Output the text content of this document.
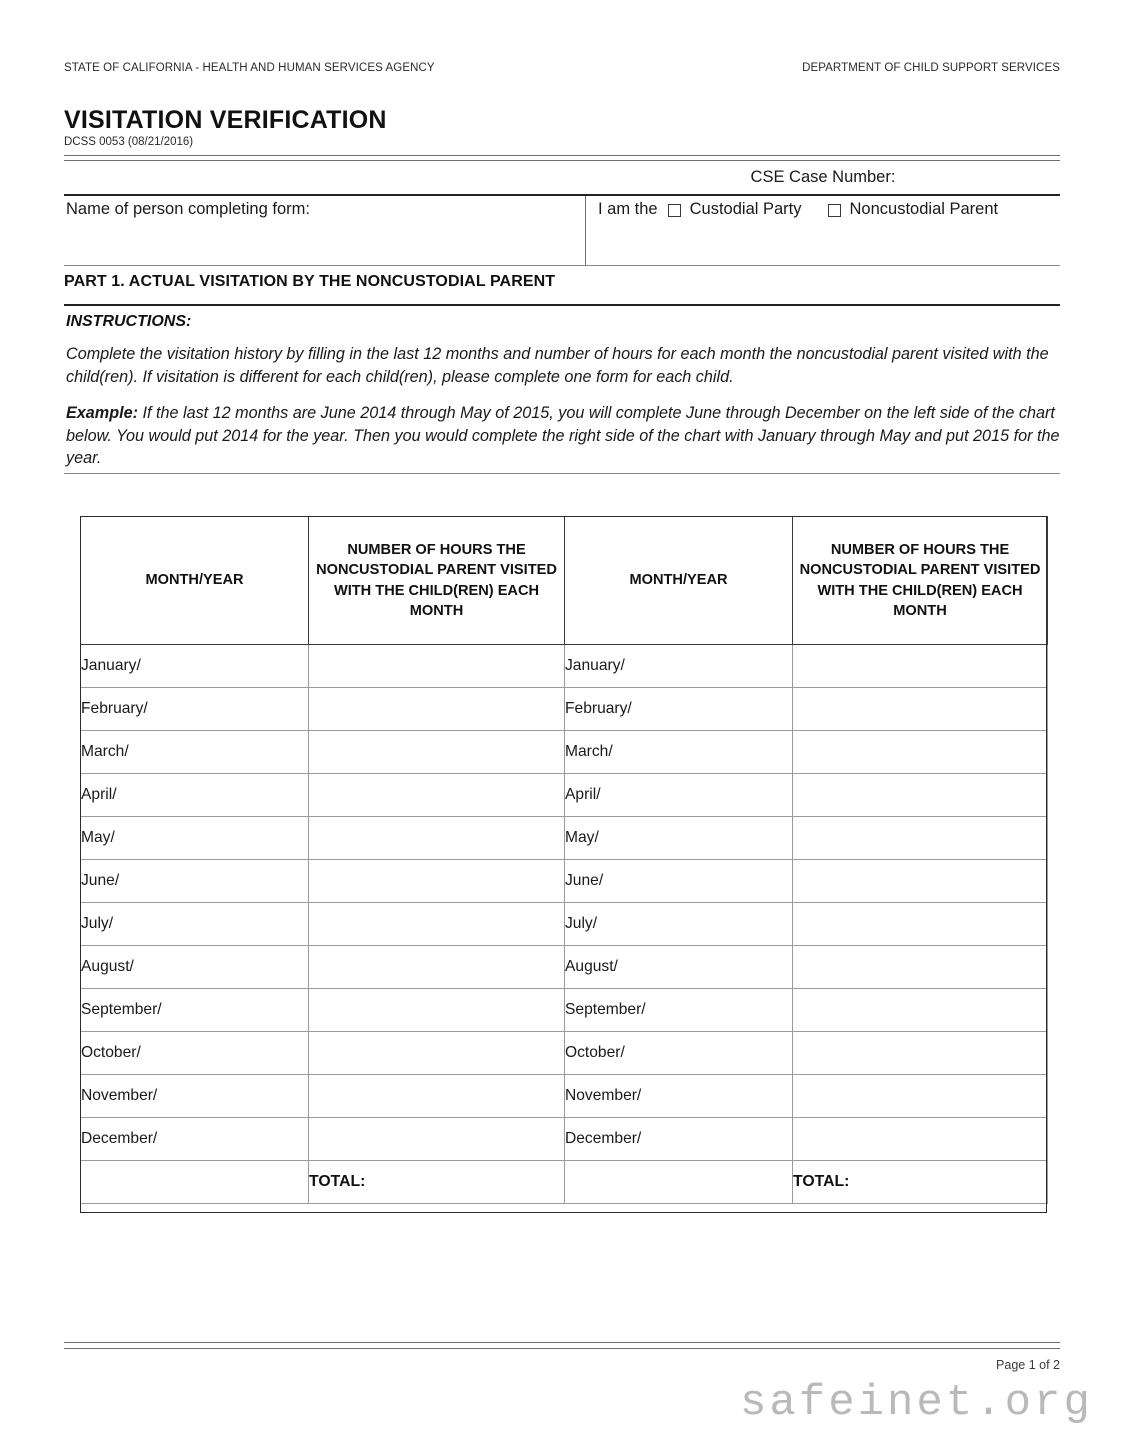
STATE OF CALIFORNIA - HEALTH AND HUMAN SERVICES AGENCY	DEPARTMENT OF CHILD SUPPORT SERVICES
VISITATION VERIFICATION
DCSS 0053 (08/21/2016)
CSE Case Number:
Name of person completing form:	I am the Custodial Party	Noncustodial Parent
PART 1. ACTUAL VISITATION BY THE NONCUSTODIAL PARENT
INSTRUCTIONS:
Complete the visitation history by filling in the last 12 months and number of hours for each month the noncustodial parent visited with the child(ren). If visitation is different for each child(ren), please complete one form for each child.
Example: If the last 12 months are June 2014 through May of 2015, you will complete June through December on the left side of the chart below. You would put 2014 for the year. Then you would complete the right side of the chart with January through May and put 2015 for the year.
MONTH/YEAR	NUMBER OF HOURS THE NONCUSTODIAL PARENT VISITED WITH THE CHILD(REN) EACH MONTH	MONTH/YEAR	NUMBER OF HOURS THE NONCUSTODIAL PARENT VISITED WITH THE CHILD(REN) EACH MONTH
January/		January/	
February/		February/	
March/		March/	
April/		April/	
May/		May/	
June/		June/	
July/		July/	
August/		August/	
September/		September/	
October/		October/	
November/		November/	
December/		December/	
	TOTAL:		TOTAL:
Page 1 of 2
safeinet.org
